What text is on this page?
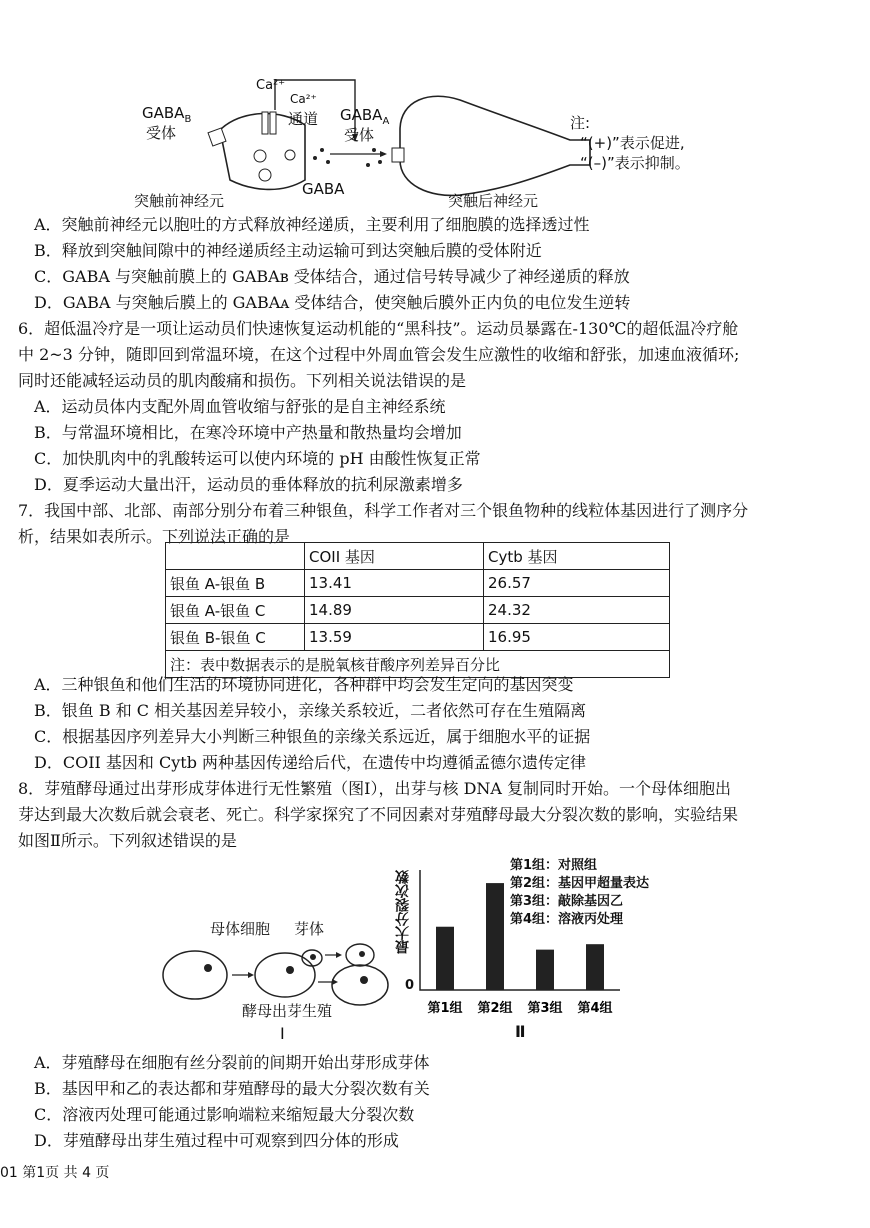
$GABA_B$
受体
Ca²⁺
Ca²⁺
通道 $GABA_A$
受体
GABA
突触前神经元	突触后神经元
注:
“(+)”表示促进,
“(–)”表示抑制。
A．突触前神经元以胞吐的方式释放神经递质，主要利用了细胞膜的选择透过性
B．释放到突触间隙中的神经递质经主动运输可到达突触后膜的受体附近
C．GABA 与突触前膜上的 GABAʙ 受体结合，通过信号转导减少了神经递质的释放
D．GABA 与突触后膜上的 GABAᴀ 受体结合，使突触后膜外正内负的电位发生逆转
6．超低温冷疗是一项让运动员们快速恢复运动机能的“黑科技”。运动员暴露在-130℃的超低温冷疗舱
中 2~3 分钟，随即回到常温环境，在这个过程中外周血管会发生应激性的收缩和舒张，加速血液循环;
同时还能减轻运动员的肌肉酸痛和损伤。下列相关说法错误的是
A．运动员体内支配外周血管收缩与舒张的是自主神经系统
B．与常温环境相比，在寒冷环境中产热量和散热量均会增加
C．加快肌肉中的乳酸转运可以使内环境的 pH 由酸性恢复正常
D．夏季运动大量出汗，运动员的垂体释放的抗利尿激素增多
7．我国中部、北部、南部分别分布着三种银鱼，科学工作者对三个银鱼物种的线粒体基因进行了测序分
析，结果如表所示。下列说法正确的是
	COII 基因	Cytb 基因
银鱼 A-银鱼 B	13.41	26.57
银鱼 A-银鱼 C	14.89	24.32
银鱼 B-银鱼 C	13.59	16.95
注：表中数据表示的是脱氧核苷酸序列差异百分比		
A．三种银鱼和他们生活的环境协同进化，各种群中均会发生定向的基因突变
B．银鱼 B 和 C 相关基因差异较小，亲缘关系较近，二者依然可存在生殖隔离
C．根据基因序列差异大小判断三种银鱼的亲缘关系远近，属于细胞水平的证据
D．COII 基因和 Cytb 两种基因传递给后代，在遗传中均遵循孟德尔遗传定律
8．芽殖酵母通过出芽形成芽体进行无性繁殖（图Ⅰ），出芽与核 DNA 复制同时开始。一个母体细胞出
芽达到最大次数后就会衰老、死亡。科学家探究了不同因素对芽殖酵母最大分裂次数的影响，实验结果
如图Ⅱ所示。下列叙述错误的是
母体细胞 芽体
酵母出芽生殖
Ⅰ
第1组 第2组 第3组 第4组
最大分裂次数
0
第1组：对照组
第2组：基因甲超量表达
第3组：敲除基因乙
第4组：溶液丙处理
Ⅱ
A．芽殖酵母在细胞有丝分裂前的间期开始出芽形成芽体
B．基因甲和乙的表达都和芽殖酵母的最大分裂次数有关
C．溶液丙处理可能通过影响端粒来缩短最大分裂次数
D．芽殖酵母出芽生殖过程中可观察到四分体的形成
01 第1页 共 4 页
